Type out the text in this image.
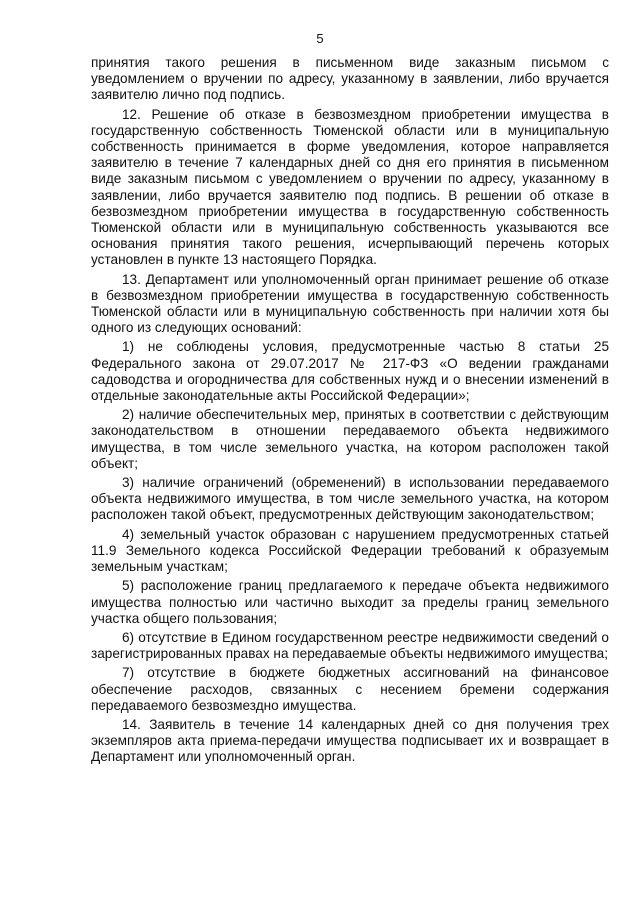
5

принятия такого решения в письменном виде заказным письмом с уведомлением о вручении по адресу, указанному в заявлении, либо вручается заявителю лично под подпись.

12. Решение об отказе в безвозмездном приобретении имущества в государственную собственность Тюменской области или в муниципальную собственность принимается в форме уведомления, которое направляется заявителю в течение 7 календарных дней со дня его принятия в письменном виде заказным письмом с уведомлением о вручении по адресу, указанному в заявлении, либо вручается заявителю под подпись. В решении об отказе в безвозмездном приобретении имущества в государственную собственность Тюменской области или в муниципальную собственность указываются все основания принятия такого решения, исчерпывающий перечень которых установлен в пункте 13 настоящего Порядка.

13. Департамент или уполномоченный орган принимает решение об отказе в безвозмездном приобретении имущества в государственную собственность Тюменской области или в муниципальную собственность при наличии хотя бы одного из следующих оснований:

1) не соблюдены условия, предусмотренные частью 8 статьи 25 Федерального закона от 29.07.2017 № 217-ФЗ «О ведении гражданами садоводства и огородничества для собственных нужд и о внесении изменений в отдельные законодательные акты Российской Федерации»;

2) наличие обеспечительных мер, принятых в соответствии с действующим законодательством в отношении передаваемого объекта недвижимого имущества, в том числе земельного участка, на котором расположен такой объект;

3) наличие ограничений (обременений) в использовании передаваемого объекта недвижимого имущества, в том числе земельного участка, на котором расположен такой объект, предусмотренных действующим законодательством;

4) земельный участок образован с нарушением предусмотренных статьей 11.9 Земельного кодекса Российской Федерации требований к образуемым земельным участкам;

5) расположение границ предлагаемого к передаче объекта недвижимого имущества полностью или частично выходит за пределы границ земельного участка общего пользования;

6) отсутствие в Едином государственном реестре недвижимости сведений о зарегистрированных правах на передаваемые объекты недвижимого имущества;

7) отсутствие в бюджете бюджетных ассигнований на финансовое обеспечение расходов, связанных с несением бремени содержания передаваемого безвозмездно имущества.

14. Заявитель в течение 14 календарных дней со дня получения трех экземпляров акта приема-передачи имущества подписывает их и возвращает в Департамент или уполномоченный орган.
